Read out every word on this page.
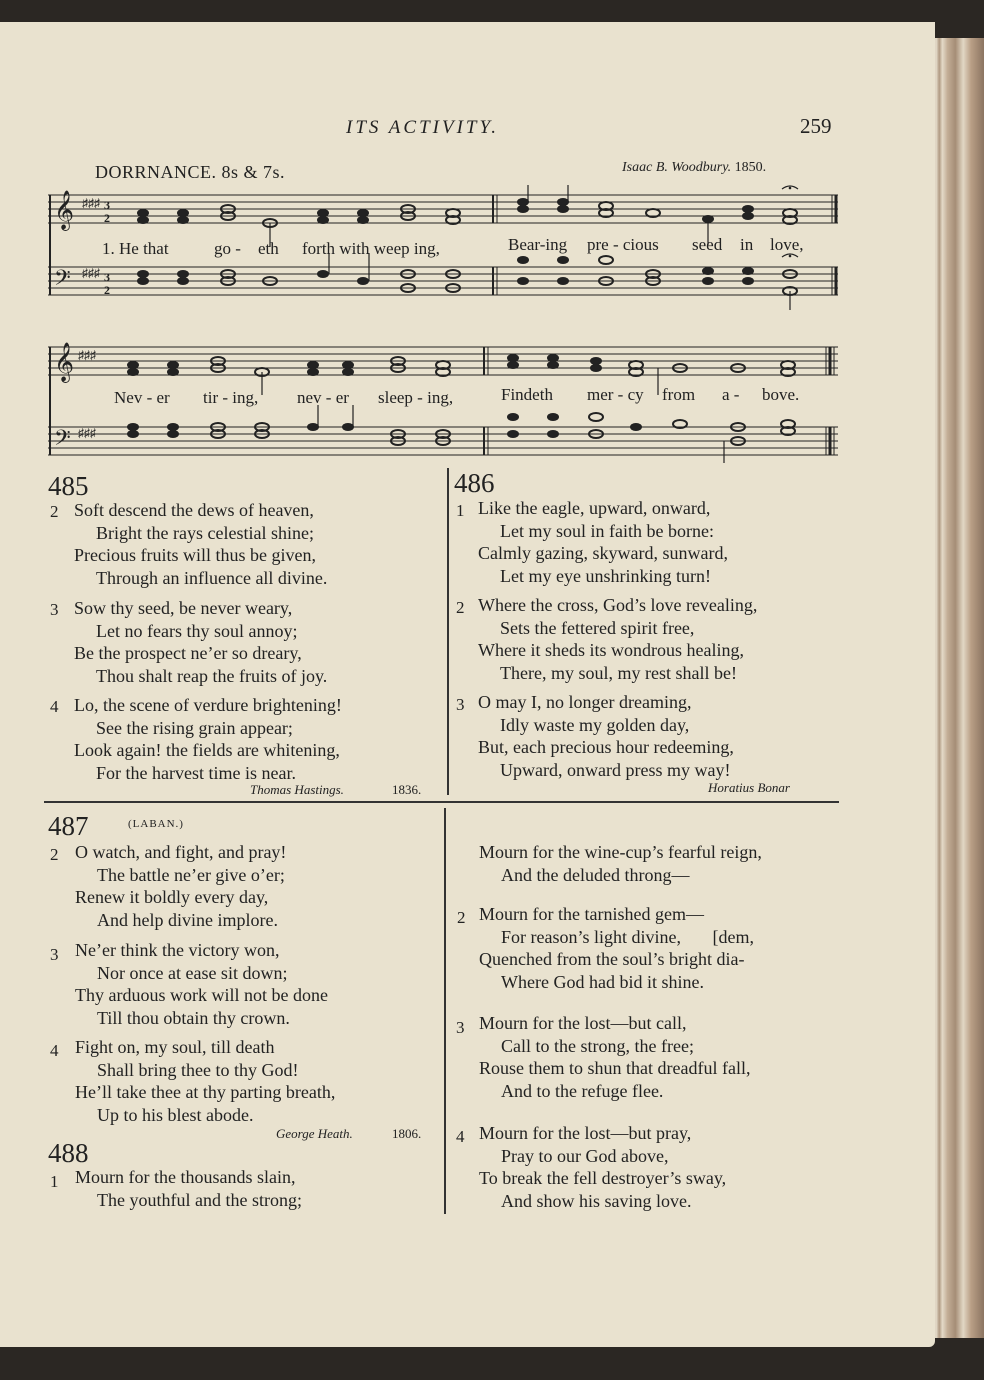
ITS ACTIVITY.	259
DORRNANCE. 8s & 7s.	Isaac B. Woodbury. 1850.
𝄞
𝄢
♯♯♯
♯♯♯
3
2
3
2
1. He that	go - eth forth with weep ing,	Bear-ing pre - cious seed in love,
𝄞
𝄢
♯♯♯
♯♯♯
Nev - er tir - ing, nev - er sleep - ing,	Findeth mer - cy from a - bove.
485
2 Soft descend the dews of heaven,
Bright the rays celestial shine;
Precious fruits will thus be given,
Through an influence all divine.
3 Sow thy seed, be never weary,
Let no fears thy soul annoy;
Be the prospect ne’er so dreary,
Thou shalt reap the fruits of joy.
4 Lo, the scene of verdure brightening!
See the rising grain appear;
Look again! the fields are whitening,
For the harvest time is near.
Thomas Hastings.	1836.
486
1 Like the eagle, upward, onward,
Let my soul in faith be borne:
Calmly gazing, skyward, sunward,
Let my eye unshrinking turn!
2 Where the cross, God’s love revealing,
Sets the fettered spirit free,
Where it sheds its wondrous healing,
There, my soul, my rest shall be!
3 O may I, no longer dreaming,
Idly waste my golden day,
But, each precious hour redeeming,
Upward, onward press my way!
Horatius Bonar
487	(LABAN.)
2 O watch, and fight, and pray!
The battle ne’er give o’er;
Renew it boldly every day,
And help divine implore.
3 Ne’er think the victory won,
Nor once at ease sit down;
Thy arduous work will not be done
Till thou obtain thy crown.
4 Fight on, my soul, till death
Shall bring thee to thy God!
He’ll take thee at thy parting breath,
Up to his blest abode.
George Heath.	1806.
488
1 Mourn for the thousands slain,
The youthful and the strong;
Mourn for the wine-cup’s fearful reign,
And the deluded throng—
2 Mourn for the tarnished gem—
For reason’s light divine,       [dem,
Quenched from the soul’s bright dia-
Where God had bid it shine.
3 Mourn for the lost—but call,
Call to the strong, the free;
Rouse them to shun that dreadful fall,
And to the refuge flee.
4 Mourn for the lost—but pray,
Pray to our God above,
To break the fell destroyer’s sway,
And show his saving love.
